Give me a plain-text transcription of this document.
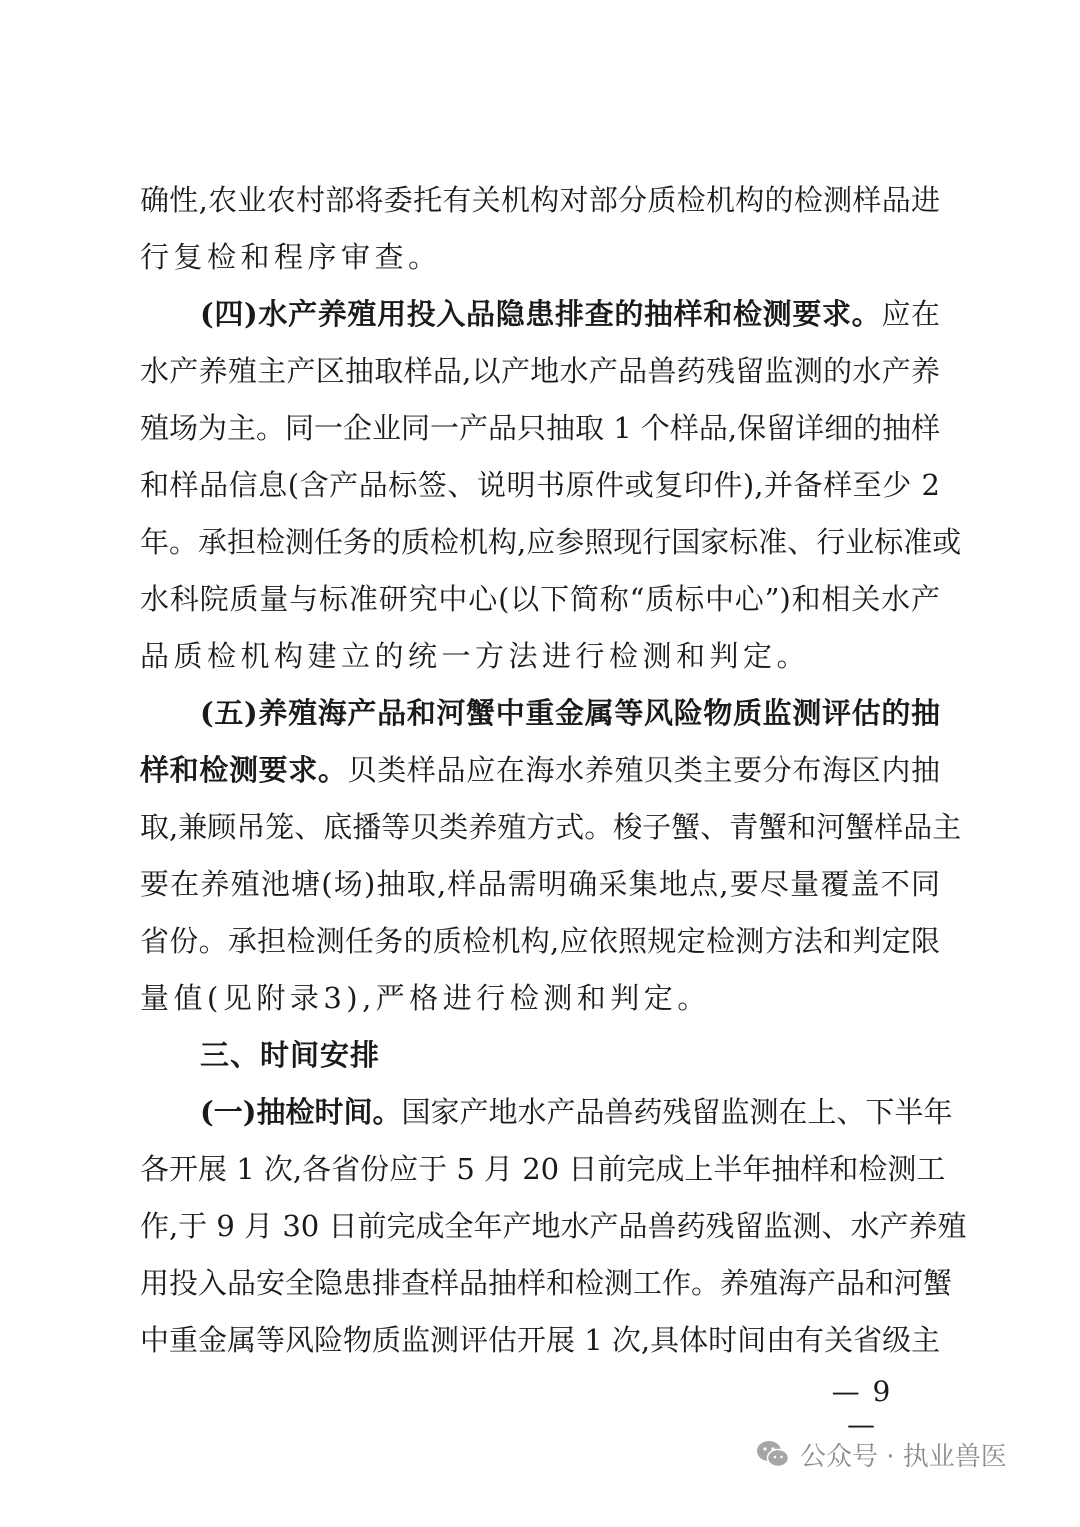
确性,农业农村部将委托有关机构对部分质检机构的检测样品进

行复检和程序审查。

(四)水产养殖用投入品隐患排查的抽样和检测要求。应在

水产养殖主产区抽取样品,以产地水产品兽药残留监测的水产养

殖场为主。同一企业同一产品只抽取 1 个样品,保留详细的抽样

和样品信息(含产品标签、说明书原件或复印件),并备样至少 2

年。承担检测任务的质检机构,应参照现行国家标准、行业标准或

水科院质量与标准研究中心(以下简称“质标中心”)和相关水产

品质检机构建立的统一方法进行检测和判定。

(五)养殖海产品和河蟹中重金属等风险物质监测评估的抽

样和检测要求。贝类样品应在海水养殖贝类主要分布海区内抽

取,兼顾吊笼、底播等贝类养殖方式。梭子蟹、青蟹和河蟹样品主

要在养殖池塘(场)抽取,样品需明确采集地点,要尽量覆盖不同

省份。承担检测任务的质检机构,应依照规定检测方法和判定限

量值(见附录3),严格进行检测和判定。

三、时间安排

(一)抽检时间。国家产地水产品兽药残留监测在上、下半年

各开展 1 次,各省份应于 5 月 20 日前完成上半年抽样和检测工

作,于 9 月 30 日前完成全年产地水产品兽药残留监测、水产养殖

用投入品安全隐患排查样品抽样和检测工作。养殖海产品和河蟹

中重金属等风险物质监测评估开展 1 次,具体时间由有关省级主

— 9 —
公众号 · 执业兽医
